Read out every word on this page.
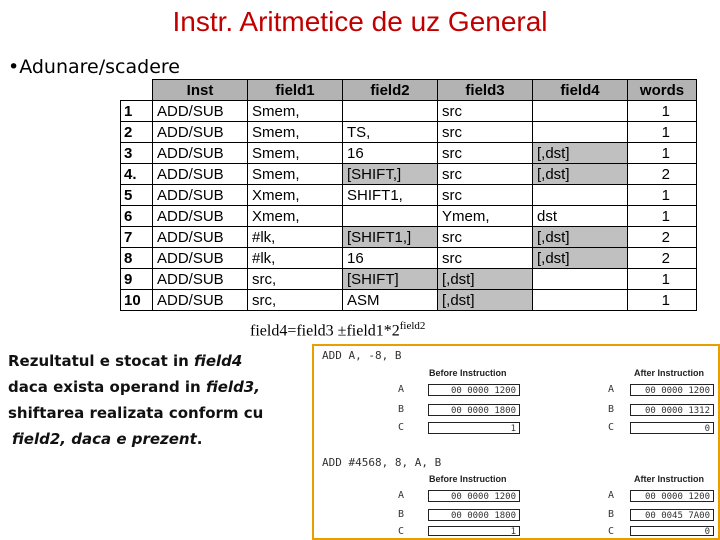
Instr. Aritmetice de uz General
•Adunare/scadere
	Inst	field1	field2	field3	field4	words
1	ADD/SUB	Smem,		src		1
2	ADD/SUB	Smem,	TS,	src		1
3	ADD/SUB	Smem,	16	src	[,dst]	1
4.	ADD/SUB	Smem,	[SHIFT,]	src	[,dst]	2
5	ADD/SUB	Xmem,	SHIFT1,	src		1
6	ADD/SUB	Xmem,		Ymem,	dst	1
7	ADD/SUB	#lk,	[SHIFT1,]	src	[,dst]	2
8	ADD/SUB	#lk,	16	src	[,dst]	2
9	ADD/SUB	src,	[SHIFT]	[,dst]		1
10	ADD/SUB	src,	ASM	[,dst]		1
field4=field3 $\pm field1*2^{field2}$
Rezultatul e stocat in field4
daca exista operand in field3,
shiftarea realizata conform cu
field2, daca e prezent.
ADD A, -8, B
Before Instruction	After Instruction
A	00 0000 1200	A	00 0000 1200
B	00 0000 1800	B	00 0000 1312
C	1	C	0
ADD #4568, 8, A, B
Before Instruction	After Instruction
A	00 0000 1200	A	00 0000 1200
B	00 0000 1800	B	00 0045 7A00
C	1	C	0
